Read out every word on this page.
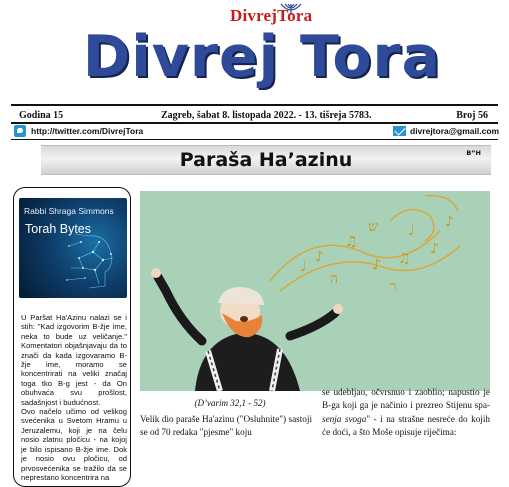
DivrejTora
Divrej Tora
Godina 15	Zagreb, šabat 8. listopada 2022. - 13. tišreja 5783.	Broj 56
http://twitter.com/DivrejTora	divrejtora@gmail.com
Paraša Ha’azinu	B”H
Rabbi Shraga Simmons
Torah Bytes

U Paršat Ha'Azinu nalazi se i stih: "Kad izgovorim B-žje ime, neka to bude uz veličanje." Komentatori objašnjavaju da to znači da kada izgovaramo B-žje ime, moramo se koncentrirati na veliki značaj toga tko B-g jest - da On obuhvaća svu prošlost, sadašnjost i budućnost.

Ovo načelo učimo od velikog svećenika u Svetom Hramu u Jeruzalemu, koji je na čelu nosio zlatnu pločicu - na kojoj je bilo ispisano B-žje ime. Dok je nosio ovu pločicu, od prvosvećenika se tražilo da se neprestano koncentrira na

♪
♫
♪ ♫
♪
♩
♪
ש
ר
ה
♩
(D’varim 32,1 - 52)
Velik dio paraše Ha'azinu ("Osluhnite") sastoji se od 70 redaka "pjesme" koju
se udebljao, očvrsnuo i zaoblio; napustio je B-ga koji ga je načinio i prezreo Stijenu spa- senja svoga" - i na strašne nesreće do kojih će doći, a što Moše opisuje riječima:
